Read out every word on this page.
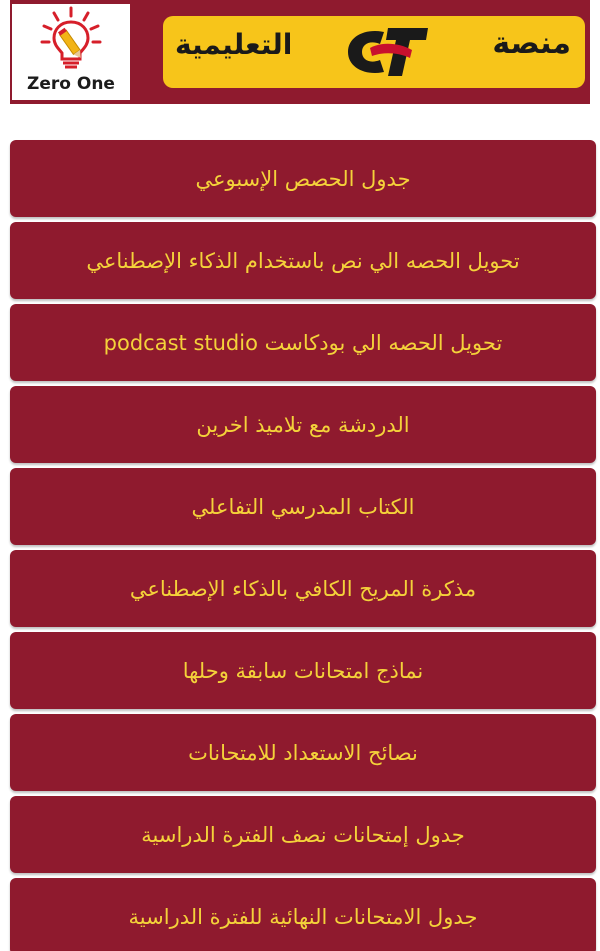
Zero One
التعليمية	منصة
جدول الحصص الإسبوعي
تحويل الحصه الي نص باستخدام الذكاء الإصطناعي
تحويل الحصه الي بودكاست podcast studio
الدردشة مع تلاميذ اخرين
الكتاب المدرسي التفاعلي
مذكرة المريح الكافي بالذكاء الإصطناعي
نماذج امتحانات سابقة وحلها
نصائح الاستعداد للامتحانات
جدول إمتحانات نصف الفترة الدراسية
جدول الامتحانات النهائية للفترة الدراسية
